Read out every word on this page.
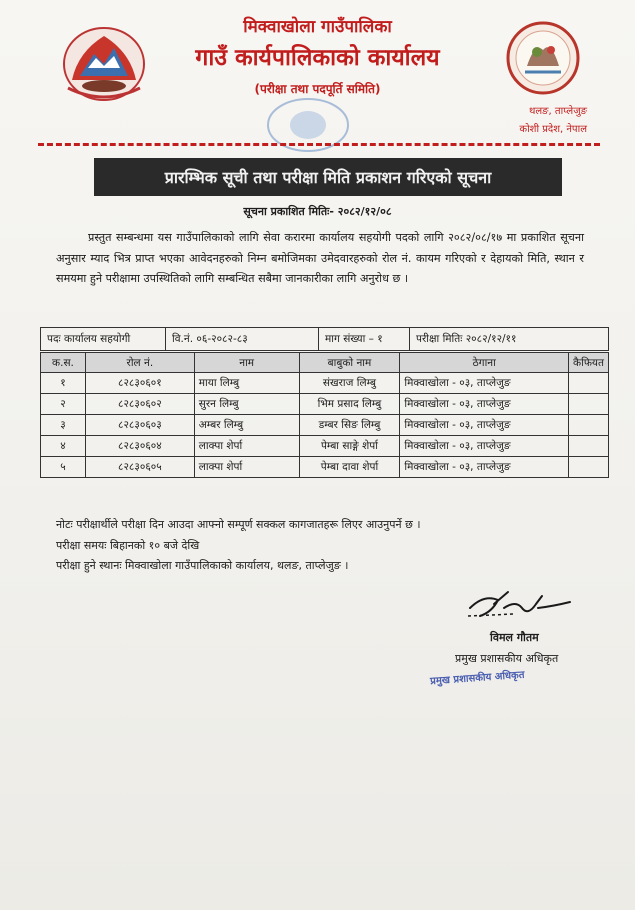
मिक्वाखोला गाउँपालिका
गाउँ कार्यपालिकाको कार्यालय
(परीक्षा तथा पदपूर्ति समिति)
थलङ, ताप्लेजुङ
कोशी प्रदेश, नेपाल
प्रारम्भिक सूची तथा परीक्षा मिति प्रकाशन गरिएको सूचना
सूचना प्रकाशित मितिः- २०८२/१२/०८
प्रस्तुत सम्बन्धमा यस गाउँपालिकाको लागि सेवा करारमा कार्यालय सहयोगी पदको लागि २०८२/०८/१७ मा प्रकाशित सूचना अनुसार म्याद भित्र प्राप्त भएका आवेदनहरुको निम्न बमोजिमका उमेदवारहरुको रोल नं. कायम गरिएको र देहायको मिति, स्थान र समयमा हुने परीक्षामा उपस्थितिको लागि सम्बन्धित सबैमा जानकारीका लागि अनुरोध छ ।
पदः कार्यालय सहयोगी	वि.नं. ०६-२०८२-८३	माग संख्या – १	परीक्षा मितिः २०८२/१२/११
क.स.	रोल नं.	नाम	बाबुको नाम	ठेगाना	कैफियत
१	८२८३०६०१	माया लिम्बु	संखराज लिम्बु	मिक्वाखोला - ०३, ताप्लेजुङ	
२	८२८३०६०२	सुरन लिम्बु	भिम प्रसाद लिम्बु	मिक्वाखोला - ०३, ताप्लेजुङ	
३	८२८३०६०३	अम्बर लिम्बु	डम्बर सिङ लिम्बु	मिक्वाखोला - ०३, ताप्लेजुङ	
४	८२८३०६०४	लाक्पा शेर्पा	पेम्बा साङ्गे शेर्पा	मिक्वाखोला - ०३, ताप्लेजुङ	
५	८२८३०६०५	लाक्पा शेर्पा	पेम्बा दावा शेर्पा	मिक्वाखोला - ०३, ताप्लेजुङ	
नोटः परीक्षार्थीले परीक्षा दिन आउदा आफ्नो सम्पूर्ण सक्कल कागजातहरू लिएर आउनुपर्ने छ ।
परीक्षा समयः बिहानको १० बजे देखि
परीक्षा हुने स्थानः मिक्वाखोला गाउँपालिकाको कार्यालय, थलङ, ताप्लेजुङ ।
विमल गौतम
प्रमुख प्रशासकीय अधिकृत
प्रमुख प्रशासकीय अधिकृत
